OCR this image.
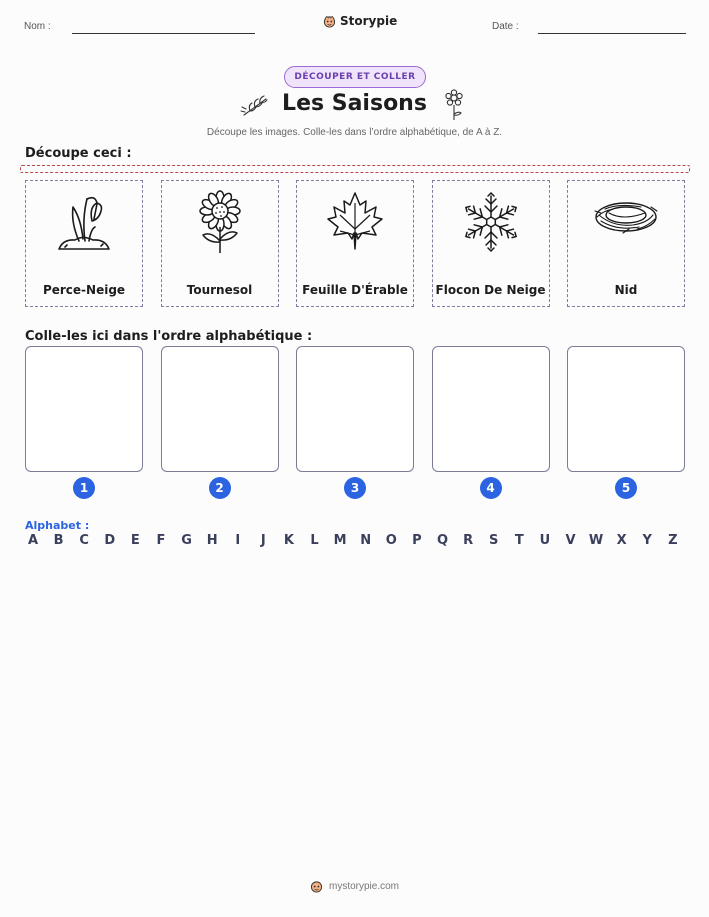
Nom :	Storypie	Date :
DÉCOUPER ET COLLER
Les Saisons
Découpe les images. Colle-les dans l’ordre alphabétique, de A à Z.
Découpe ceci :
Perce-Neige	Tournesol	Feuille D'Érable Flocon De Neige	Nid
Colle-les ici dans l'ordre alphabétique :
1	2	3	4	5
Alphabet :
A B C D E F G H	I	J	K L M N O P Q R S T U V W X Y Z
mystorypie.com
